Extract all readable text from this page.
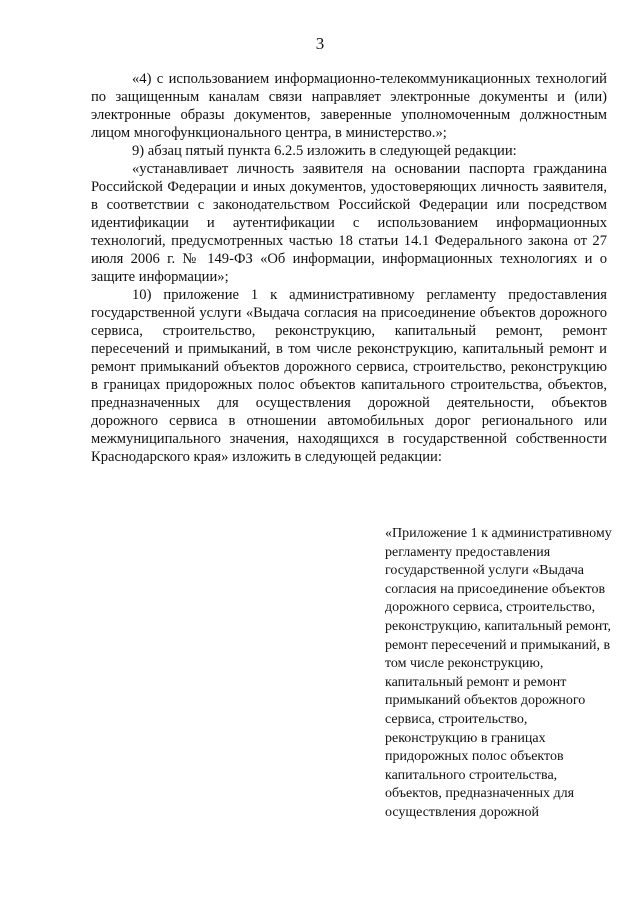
3

«4) с использованием информационно-телекоммуникационных технологий по защищенным каналам связи направляет электронные документы и (или) электронные образы документов, заверенные уполномоченным должностным лицом многофункционального центра, в министерство.»;

9) абзац пятый пункта 6.2.5 изложить в следующей редакции:

«устанавливает личность заявителя на основании паспорта гражданина Российской Федерации и иных документов, удостоверяющих личность заявителя, в соответствии с законодательством Российской Федерации или посредством идентификации и аутентификации с использованием информационных технологий, предусмотренных частью 18 статьи 14.1 Федерального закона от 27 июля 2006 г. № 149-ФЗ «Об информации, информационных технологиях и о защите информации»;

10) приложение 1 к административному регламенту предоставления государственной услуги «Выдача согласия на присоединение объектов дорожного сервиса, строительство, реконструкцию, капитальный ремонт, ремонт пересечений и примыканий, в том числе реконструкцию, капитальный ремонт и ремонт примыканий объектов дорожного сервиса, строительство, реконструкцию в границах придорожных полос объектов капитального строительства, объектов, предназначенных для осуществления дорожной деятельности, объектов дорожного сервиса в отношении автомобильных дорог регионального или межмуниципального значения, находящихся в государственной собственности Краснодарского края» изложить в следующей редакции:

«Приложение 1 к административному регламенту предоставления государственной услуги «Выдача согласия на присоединение объектов дорожного сервиса, строительство, реконструкцию, капитальный ремонт, ремонт пересечений и примыканий, в том числе реконструкцию, капитальный ремонт и ремонт примыканий объектов дорожного сервиса, строительство, реконструкцию в границах придорожных полос объектов капитального строительства, объектов, предназначенных для осуществления дорожной
